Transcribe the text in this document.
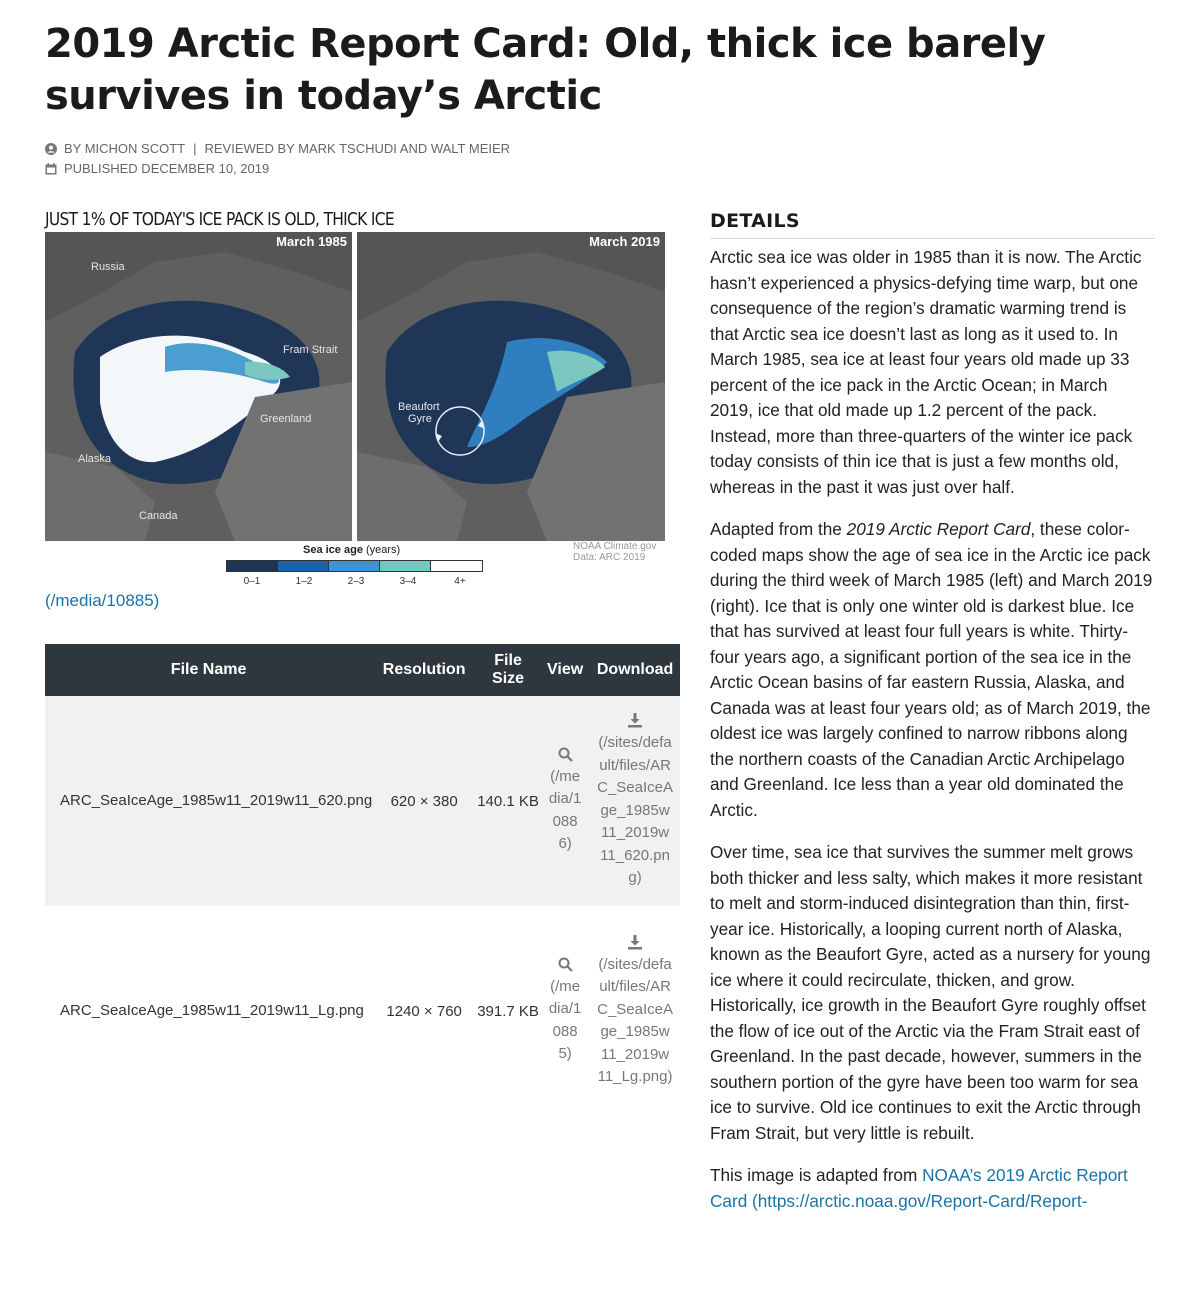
2019 Arctic Report Card: Old, thick ice barely survives in today’s Arctic
BY MICHON SCOTT | REVIEWED BY MARK TSCHUDI AND WALT MEIER
PUBLISHED DECEMBER 10, 2019
JUST 1% OF TODAY'S ICE PACK IS OLD, THICK ICE
March 1985
Russia
Fram Strait
Greenland
Alaska
Canada
March 2019
Beaufort
Gyre
Sea ice age (years)
0–1	1–2	2–3	3–4	4+
NOAA Climate.gov
Data: ARC 2019
(/media/10885)
File Name	Resolution	File Size	View	Download
ARC_SeaIceAge_1985w11_2019w11_620.png	620 × 380	140.1 KB	(/media/10886)	(/sites/default/files/ARC_SeaIceAge_1985w11_2019w11_620.png)

ARC_SeaIceAge_1985w11_2019w11_Lg.png	1240 × 760	391.7 KB	(/media/10885)	(/sites/default/files/ARC_SeaIceAge_1985w11_2019w11_Lg.png)
DETAILS

Arctic sea ice was older in 1985 than it is now. The Arctic hasn’t experienced a physics-defying time warp, but one consequence of the region’s dramatic warming trend is that Arctic sea ice doesn’t last as long as it used to. In March 1985, sea ice at least four years old made up 33 percent of the ice pack in the Arctic Ocean; in March 2019, ice that old made up 1.2 percent of the pack. Instead, more than three-quarters of the winter ice pack today consists of thin ice that is just a few months old, whereas in the past it was just over half.

Adapted from the 2019 Arctic Report Card, these color-coded maps show the age of sea ice in the Arctic ice pack during the third week of March 1985 (left) and March 2019 (right). Ice that is only one winter old is darkest blue. Ice that has survived at least four full years is white. Thirty-four years ago, a significant portion of the sea ice in the Arctic Ocean basins of far eastern Russia, Alaska, and Canada was at least four years old; as of March 2019, the oldest ice was largely confined to narrow ribbons along the northern coasts of the Canadian Arctic Archipelago and Greenland. Ice less than a year old dominated the Arctic.

Over time, sea ice that survives the summer melt grows both thicker and less salty, which makes it more resistant to melt and storm-induced disintegration than thin, first-year ice. Historically, a looping current north of Alaska, known as the Beaufort Gyre, acted as a nursery for young ice where it could recirculate, thicken, and grow. Historically, ice growth in the Beaufort Gyre roughly offset the flow of ice out of the Arctic via the Fram Strait east of Greenland. In the past decade, however, summers in the southern portion of the gyre have been too warm for sea ice to survive. Old ice continues to exit the Arctic through Fram Strait, but very little is rebuilt.

This image is adapted from NOAA’s 2019 Arctic Report Card (https://arctic.noaa.gov/Report-Card/Report-
